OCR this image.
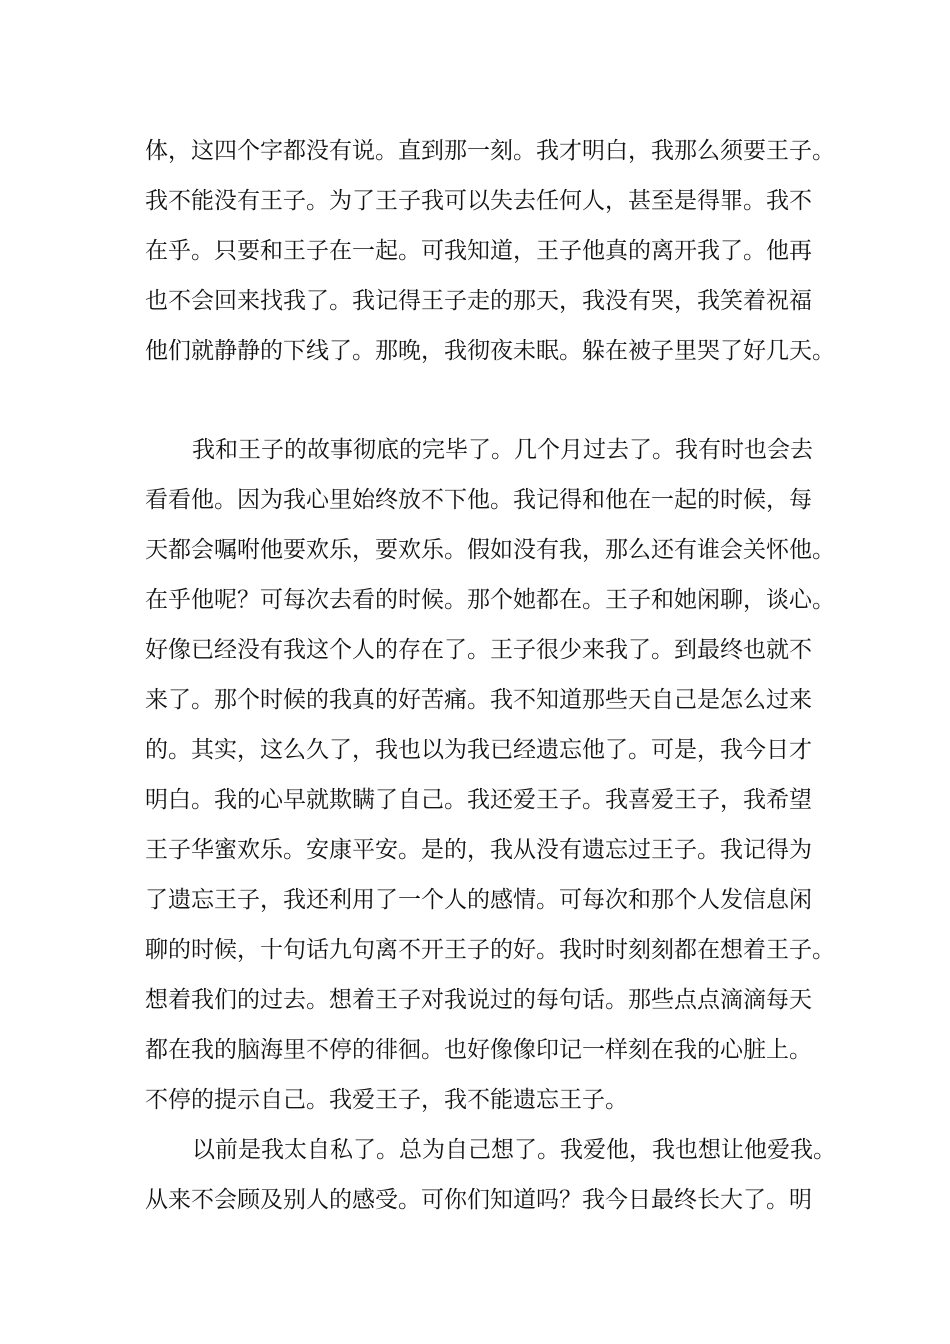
体，这四个字都没有说。直到那一刻。我才明白，我那么须要王子。

我不能没有王子。为了王子我可以失去任何人，甚至是得罪。我不

在乎。只要和王子在一起。可我知道，王子他真的离开我了。他再

也不会回来找我了。我记得王子走的那天，我没有哭，我笑着祝福

他们就静静的下线了。那晚，我彻夜未眠。躲在被子里哭了好几天。

我和王子的故事彻底的完毕了。几个月过去了。我有时也会去

看看他。因为我心里始终放不下他。我记得和他在一起的时候，每

天都会嘱咐他要欢乐，要欢乐。假如没有我，那么还有谁会关怀他。

在乎他呢？可每次去看的时候。那个她都在。王子和她闲聊，谈心。

好像已经没有我这个人的存在了。王子很少来我了。到最终也就不

来了。那个时候的我真的好苦痛。我不知道那些天自己是怎么过来

的。其实，这么久了，我也以为我已经遗忘他了。可是，我今日才

明白。我的心早就欺瞒了自己。我还爱王子。我喜爱王子，我希望

王子华蜜欢乐。安康平安。是的，我从没有遗忘过王子。我记得为

了遗忘王子，我还利用了一个人的感情。可每次和那个人发信息闲

聊的时候，十句话九句离不开王子的好。我时时刻刻都在想着王子。

想着我们的过去。想着王子对我说过的每句话。那些点点滴滴每天

都在我的脑海里不停的徘徊。也好像像印记一样刻在我的心脏上。

不停的提示自己。我爱王子，我不能遗忘王子。

以前是我太自私了。总为自己想了。我爱他，我也想让他爱我。

从来不会顾及别人的感受。可你们知道吗？我今日最终长大了。明
